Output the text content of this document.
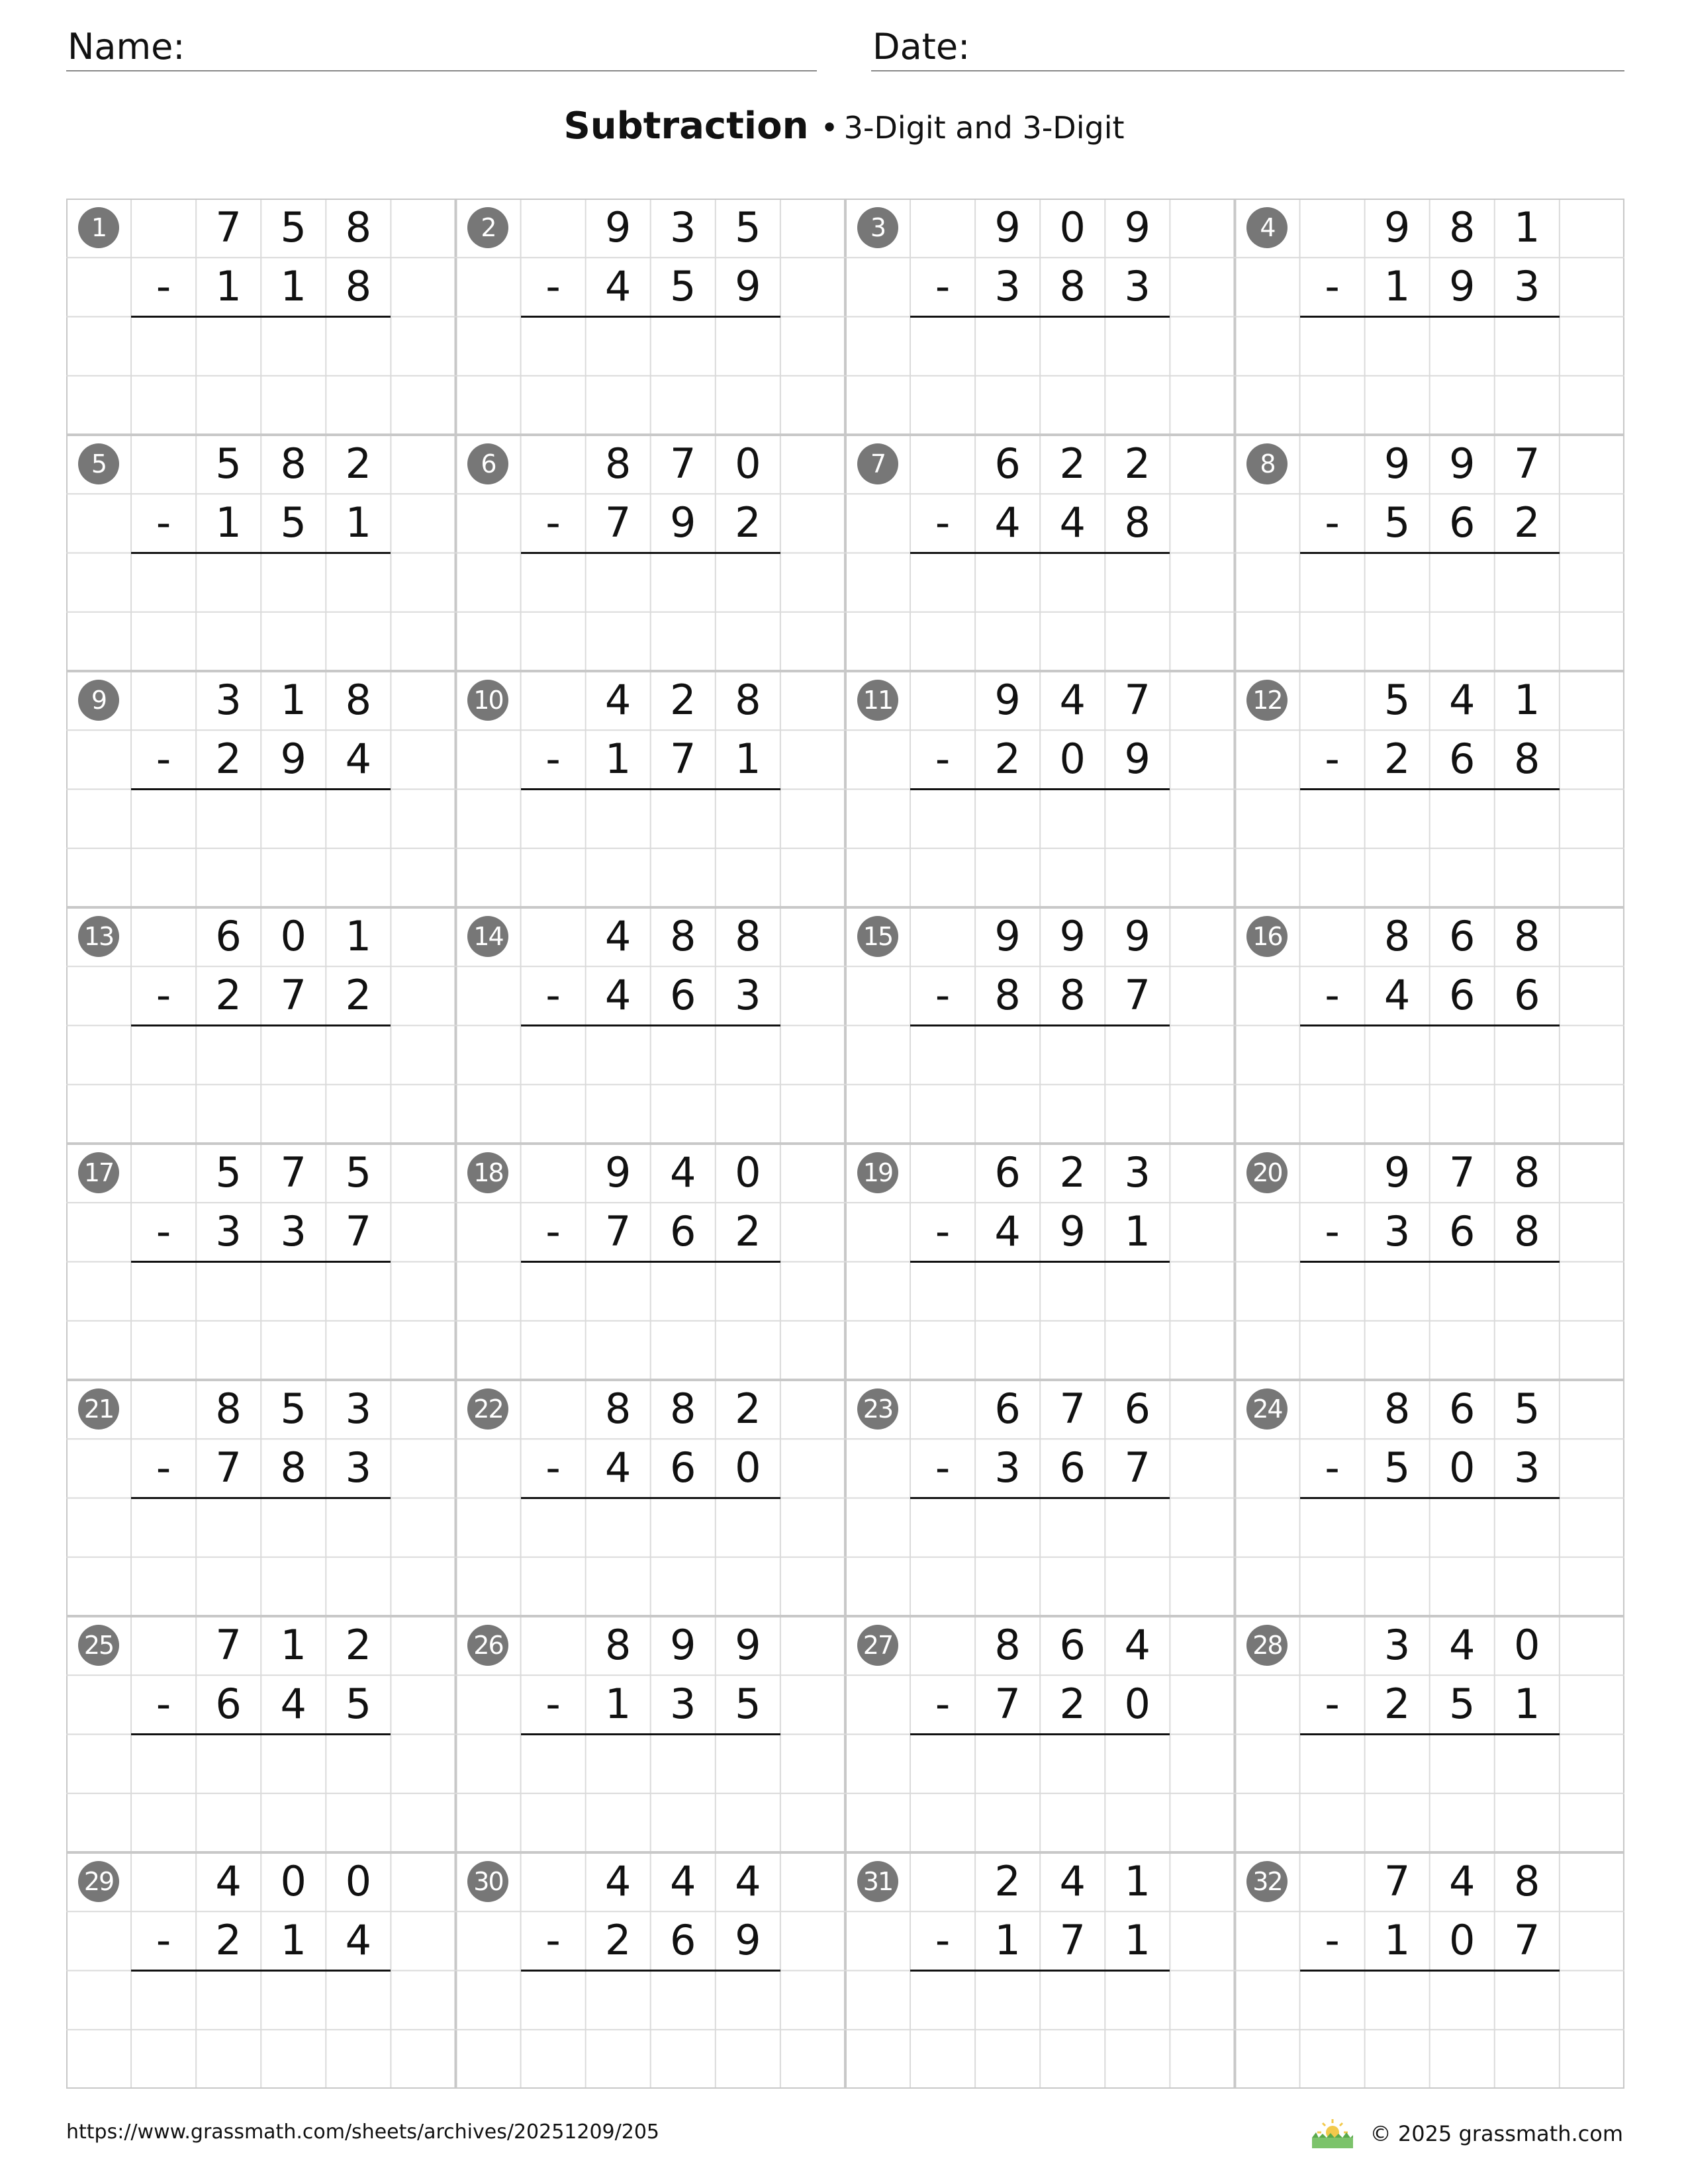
Name:	Date:
Subtraction • 3-Digit and 3-Digit
1	7 5 8
-	1 1 8
2	9 3 5
-	4 5 9
3	9 0 9
-	3 8 3
4	9 8 1
-	1 9 3
5	5 8 2
-	1 5 1
6	8 7 0
-	7 9 2
7	6 2 2
-	4 4 8
8	9 9 7
-	5 6 2
9	3 1 8
-	2 9 4
10	4 2 8
-	1 7 1
11	9 4 7
-	2 0 9
12	5 4 1
-	2 6 8
13	6 0 1
-	2 7 2
14	4 8 8
-	4 6 3
15	9 9 9
-	8 8 7
16	8 6 8
-	4 6 6
17	5 7 5
-	3 3 7
18	9 4 0
-	7 6 2
19	6 2 3
-	4 9 1
20	9 7 8
-	3 6 8
21	8 5 3
-	7 8 3
22	8 8 2
-	4 6 0
23	6 7 6
-	3 6 7
24	8 6 5
-	5 0 3
25	7 1 2
-	6 4 5
26	8 9 9
-	1 3 5
27	8 6 4
-	7 2 0
28	3 4 0
-	2 5 1
29	4 0 0
-	2 1 4
30	4 4 4
-	2 6 9
31	2 4 1
-	1 7 1
32	7 4 8
-	1 0 7
https://www.grassmath.com/sheets/archives/20251209/205	© 2025 grassmath.com
